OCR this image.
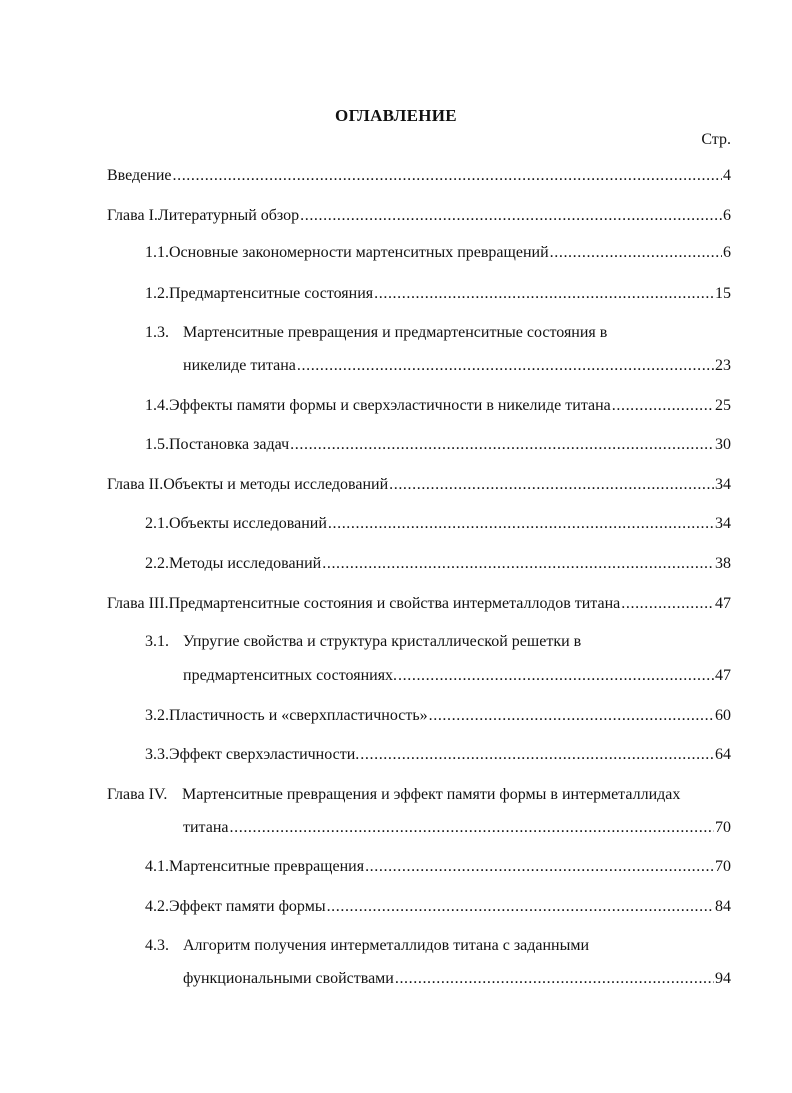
ОГЛАВЛЕНИЕ
Стр.
Введение .....	4
Глава I. Литературный обзор .....	6
1.1. Основные закономерности мартенситных превращений .....	6
1.2. Предмартенситные состояния .....	15
1.3. Мартенситные превращения и предмартенситные состояния в
никелиде титана .....	23
1.4. Эффекты памяти формы и сверхэластичности в никелиде титана .....	25
1.5. Постановка задач .....	30
Глава II. Объекты и методы исследований .....	34
2.1. Объекты исследований .....	34
2.2. Методы исследований .....	38
Глава III. Предмартенситные состояния и свойства интерметаллодов титана .....	47
3.1. Упругие свойства и структура кристаллической решетки в
предмартенситных состояниях. .....	47
3.2. Пластичность и «сверхпластичность» .....	60
3.3. Эффект сверхэластичности. .....	64
Глава IV. Мартенситные превращения и эффект памяти формы в интерметаллидах
титана .....	70
4.1. Мартенситные превращения .....	70
4.2. Эффект памяти формы .....	84
4.3. Алгоритм получения интерметаллидов титана с заданными
функциональными свойствами .....	94
